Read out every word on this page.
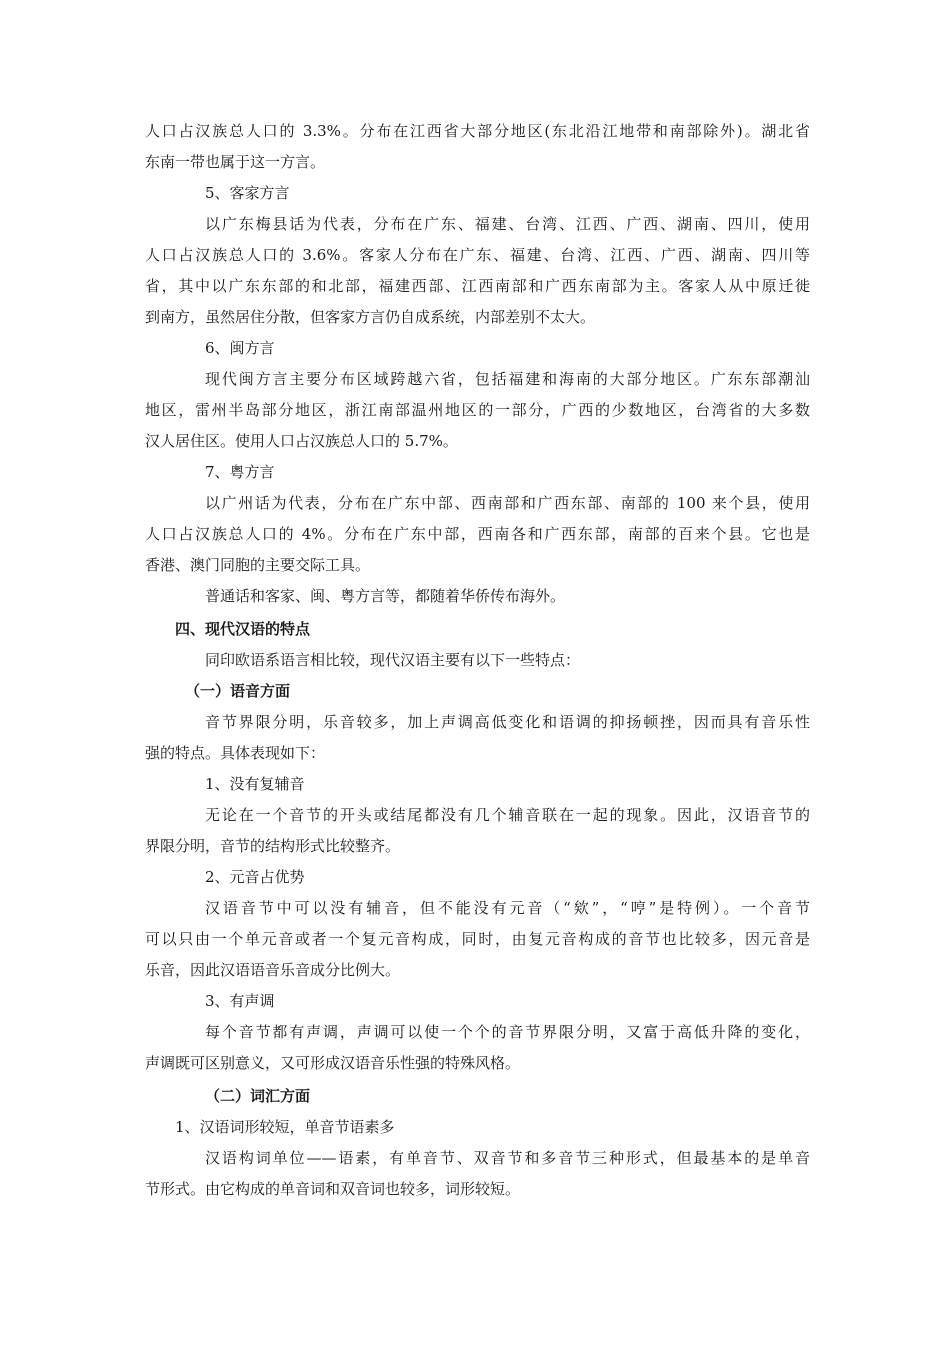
人口占汉族总人口的 3.3%。分布在江西省大部分地区(东北沿江地带和南部除外)。湖北省

东南一带也属于这一方言。

5、客家方言

以广东梅县话为代表，分布在广东、福建、台湾、江西、广西、湖南、四川，使用

人口占汉族总人口的 3.6%。客家人分布在广东、福建、台湾、江西、广西、湖南、四川等

省，其中以广东东部的和北部，福建西部、江西南部和广西东南部为主。客家人从中原迁徙

到南方，虽然居住分散，但客家方言仍自成系统，内部差别不太大。

6、闽方言

现代闽方言主要分布区域跨越六省，包括福建和海南的大部分地区。广东东部潮汕

地区，雷州半岛部分地区，浙江南部温州地区的一部分，广西的少数地区，台湾省的大多数

汉人居住区。使用人口占汉族总人口的 5.7%。

7、粤方言

以广州话为代表，分布在广东中部、西南部和广西东部、南部的 100 来个县，使用

人口占汉族总人口的 4%。分布在广东中部，西南各和广西东部，南部的百来个县。它也是

香港、澳门同胞的主要交际工具。

普通话和客家、闽、粤方言等，都随着华侨传布海外。

四、现代汉语的特点

同印欧语系语言相比较，现代汉语主要有以下一些特点：

（一）语音方面

音节界限分明，乐音较多，加上声调高低变化和语调的抑扬顿挫，因而具有音乐性

强的特点。具体表现如下：

1、没有复辅音

无论在一个音节的开头或结尾都没有几个辅音联在一起的现象。因此，汉语音节的

界限分明，音节的结构形式比较整齐。

2、元音占优势

汉语音节中可以没有辅音，但不能没有元音（“欸”，“哼”是特例）。一个音节

可以只由一个单元音或者一个复元音构成，同时，由复元音构成的音节也比较多，因元音是

乐音，因此汉语语音乐音成分比例大。

3、有声调

每个音节都有声调，声调可以使一个个的音节界限分明，又富于高低升降的变化，

声调既可区别意义，又可形成汉语音乐性强的特殊风格。

（二）词汇方面

1、汉语词形较短，单音节语素多

汉语构词单位——语素，有单音节、双音节和多音节三种形式，但最基本的是单音

节形式。由它构成的单音词和双音词也较多，词形较短。
